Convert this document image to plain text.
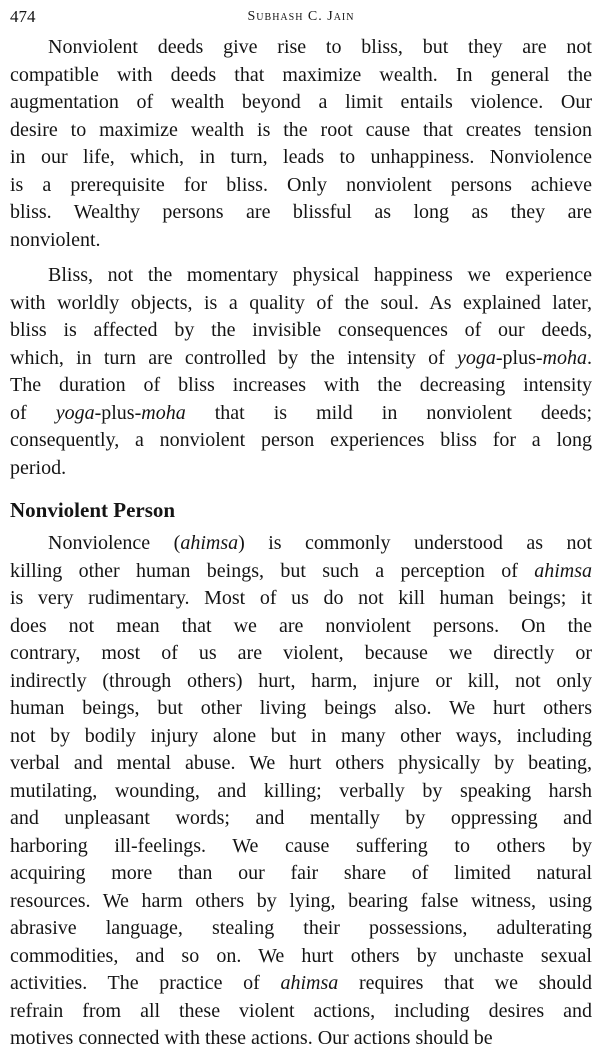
474	Subhash C. Jain
Nonviolent deeds give rise to bliss, but they are not
compatible with deeds that maximize wealth. In general the
augmentation of wealth beyond a limit entails violence. Our
desire to maximize wealth is the root cause that creates tension
in our life, which, in turn, leads to unhappiness. Nonviolence
is a prerequisite for bliss. Only nonviolent persons achieve
bliss. Wealthy persons are blissful as long as they are
nonviolent.
Bliss, not the momentary physical happiness we experience
with worldly objects, is a quality of the soul. As explained later,
bliss is affected by the invisible consequences of our deeds,
which, in turn are controlled by the intensity of yoga-plus-moha.
The duration of bliss increases with the decreasing intensity
of yoga-plus-moha that is mild in nonviolent deeds;
consequently, a nonviolent person experiences bliss for a long
period.
Nonviolent Person
Nonviolence (ahimsa) is commonly understood as not
killing other human beings, but such a perception of ahimsa
is very rudimentary. Most of us do not kill human beings; it
does not mean that we are nonviolent persons. On the
contrary, most of us are violent, because we directly or
indirectly (through others) hurt, harm, injure or kill, not only
human beings, but other living beings also. We hurt others
not by bodily injury alone but in many other ways, including
verbal and mental abuse. We hurt others physically by beating,
mutilating, wounding, and killing; verbally by speaking harsh
and unpleasant words; and mentally by oppressing and
harboring ill-feelings. We cause suffering to others by
acquiring more than our fair share of limited natural
resources. We harm others by lying, bearing false witness, using
abrasive language, stealing their possessions, adulterating
commodities, and so on. We hurt others by unchaste sexual
activities. The practice of ahimsa requires that we should
refrain from all these violent actions, including desires and
motives connected with these actions. Our actions should be
